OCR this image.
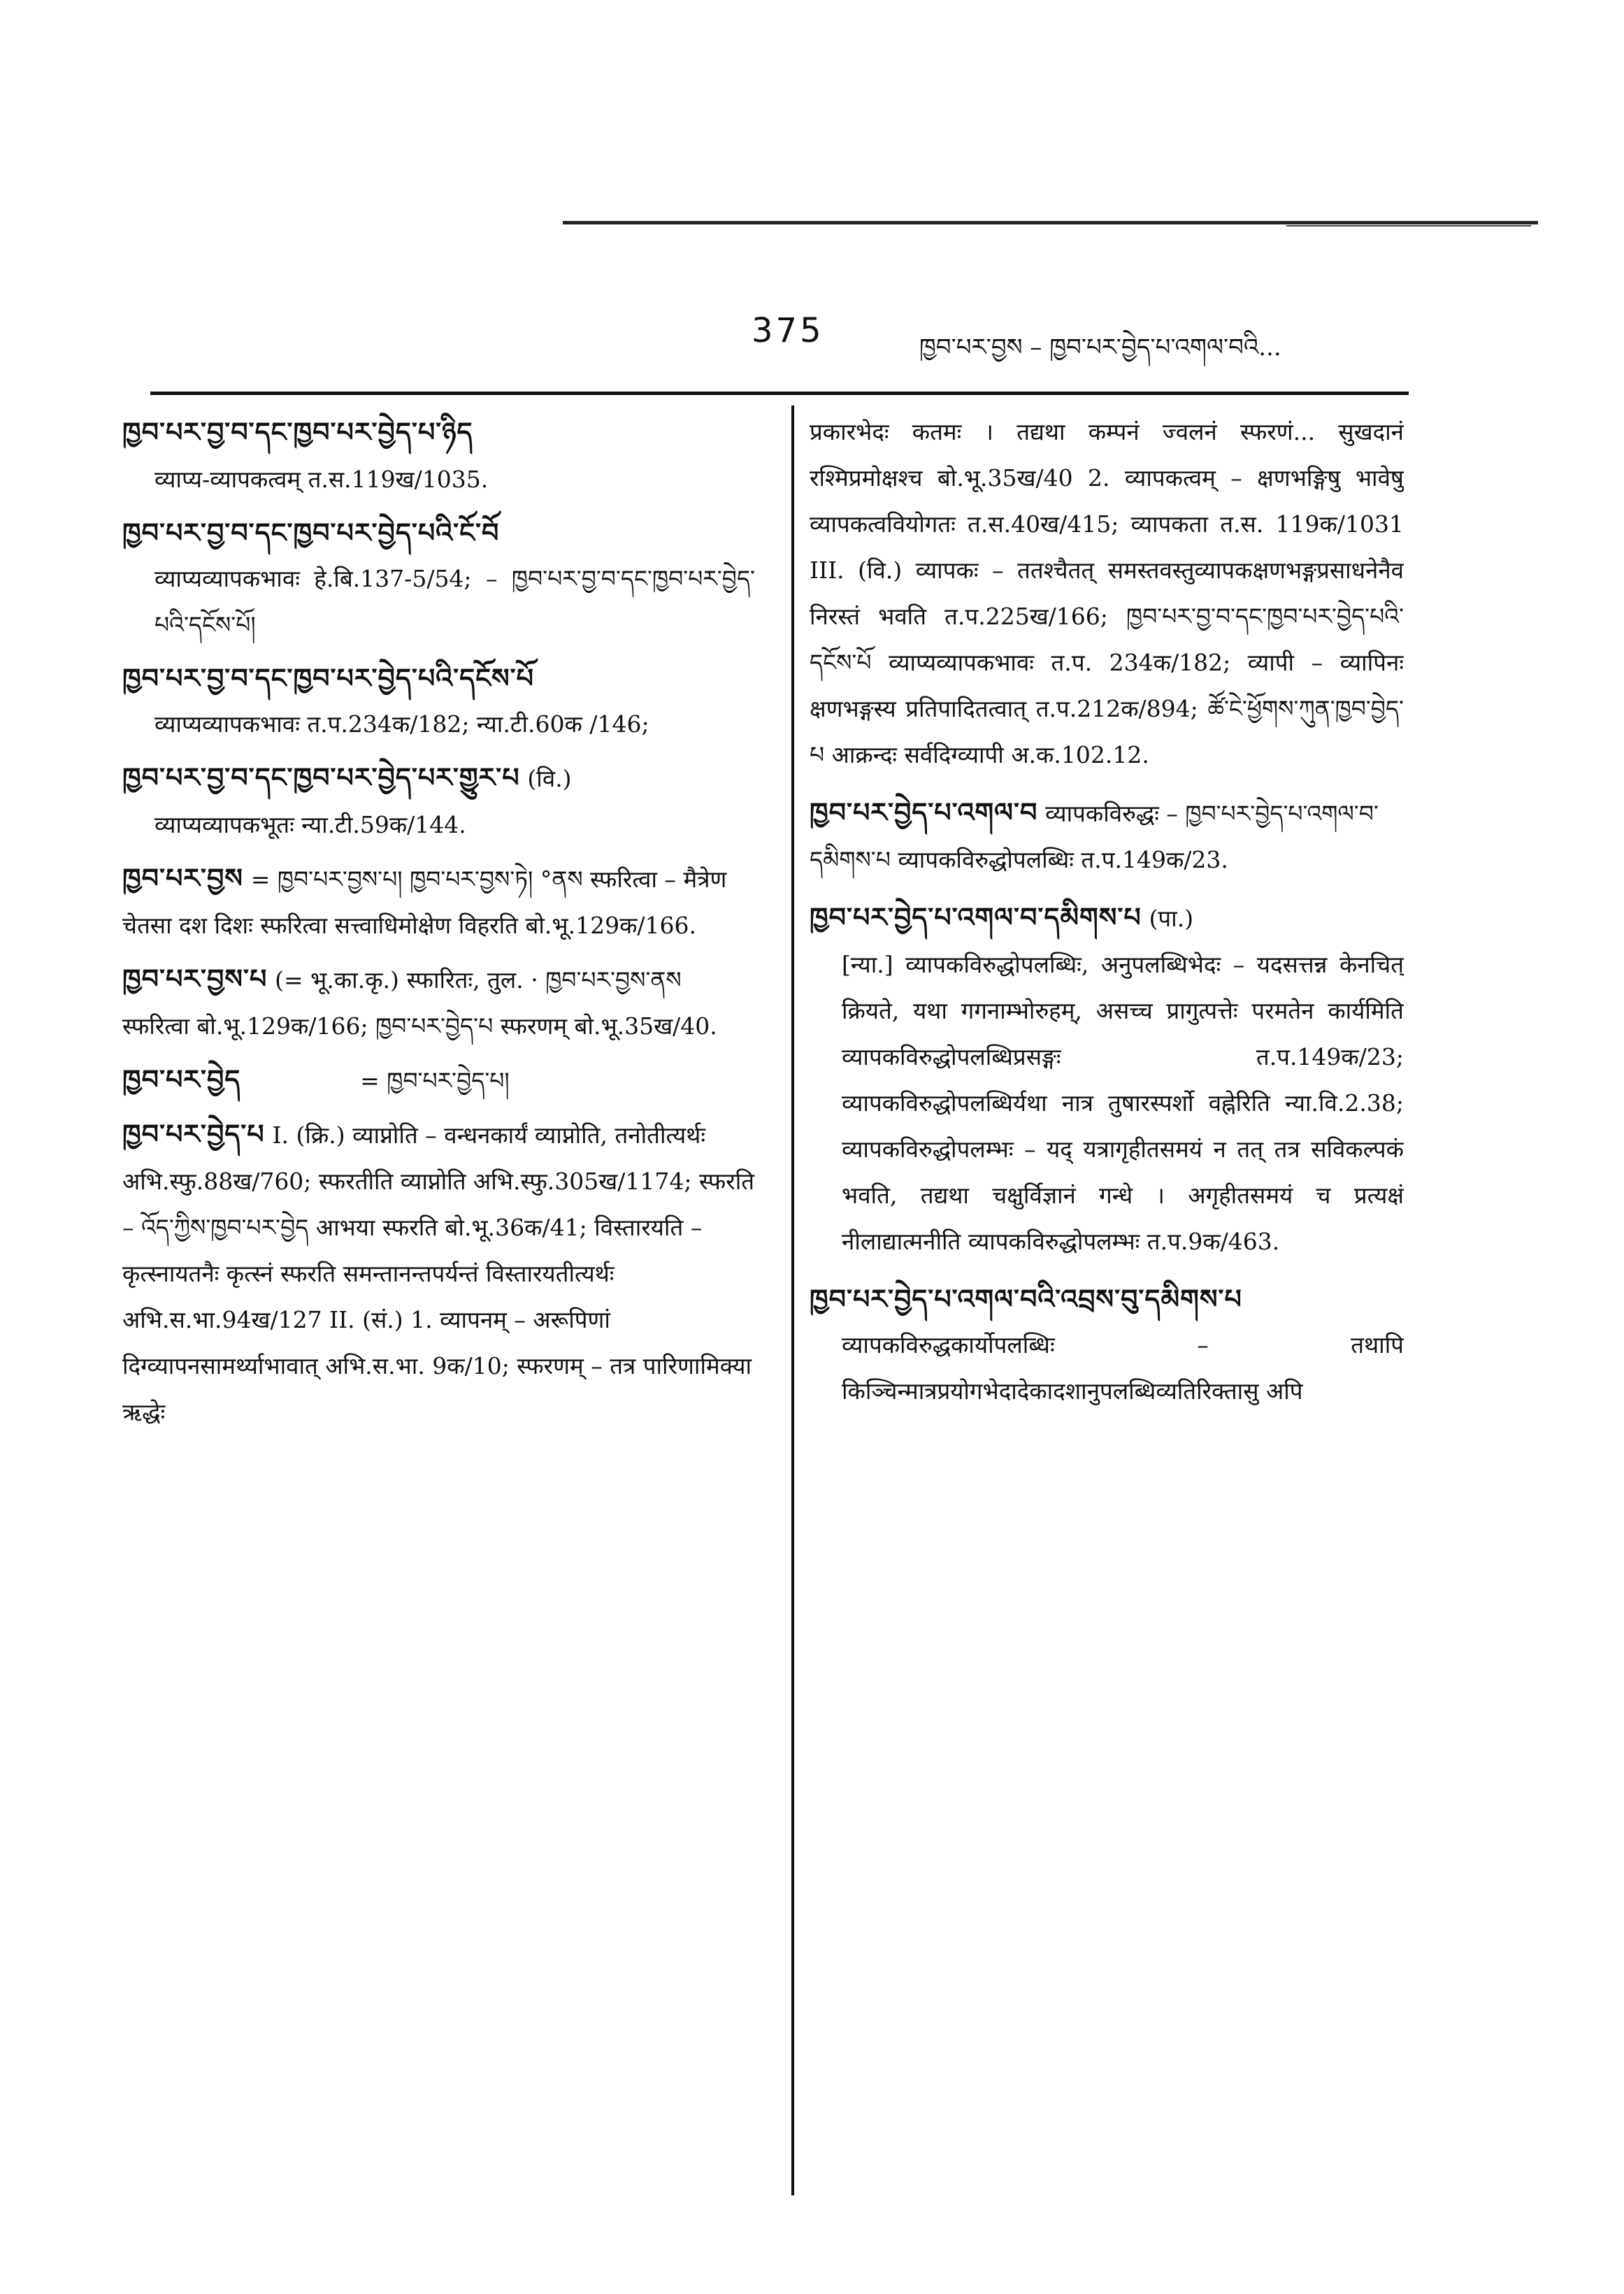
375	ཁྱབ་པར་བྱས – ཁྱབ་པར་བྱེད་པ་འགལ་བའི...
ཁྱབ་པར་བྱ་བ་དང་ཁྱབ་པར་བྱེད་པ་ཉིད
व्याप्य-व्यापकत्वम् त.स.119ख/1035.
ཁྱབ་པར་བྱ་བ་དང་ཁྱབ་པར་བྱེད་པའི་ངོ་བོ
व्याप्यव्यापकभावः हे.बि.137-5/54; – ཁྱབ་པར་བྱ་བ་དང་ཁྱབ་པར་བྱེད་པའི་དངོས་པོ།
ཁྱབ་པར་བྱ་བ་དང་ཁྱབ་པར་བྱེད་པའི་དངོས་པོ
व्याप्यव्यापकभावः त.प.234क/182; न्या.टी.60क /146;
ཁྱབ་པར་བྱ་བ་དང་ཁྱབ་པར་བྱེད་པར་གྱུར་པ (वि.)
व्याप्यव्यापकभूतः न्या.टी.59क/144.
ཁྱབ་པར་བྱས = ཁྱབ་པར་བྱས་པ། ཁྱབ་པར་བྱས་ཏེ། °ནས स्फरित्वा – मैत्रेण चेतसा दश दिशः स्फरित्वा सत्त्वाधिमोक्षेण विहरति बो.भू.129क/166.
ཁྱབ་པར་བྱས་པ (= भू.का.कृ.) स्फारितः, तुल. · ཁྱབ་པར་བྱས་ནས स्फरित्वा बो.भू.129क/166; ཁྱབ་པར་བྱེད་པ स्फरणम् बो.भू.35ख/40.
ཁྱབ་པར་བྱེད	= ཁྱབ་པར་བྱེད་པ།
ཁྱབ་པར་བྱེད་པ I. (क्रि.) व्याप्नोति – वन्धनकार्यं व्याप्नोति, तनोतीत्यर्थः अभि.स्फु.88ख/760; स्फरतीति व्याप्नोति अभि.स्फु.305ख/1174; स्फरति – འོད་ཀྱིས་ཁྱབ་པར་བྱེད आभया स्फरति बो.भू.36क/41; विस्तारयति – कृत्स्नायतनैः कृत्स्नं स्फरति समन्तानन्तपर्यन्तं विस्तारयतीत्यर्थः अभि.स.भा.94ख/127 II. (सं.) 1. व्यापनम् – अरूपिणां दिग्व्यापनसामर्थ्याभावात् अभि.स.भा. 9क/10; स्फरणम् – तत्र पारिणामिक्या ऋद्धेः
प्रकारभेदः कतमः । तद्यथा कम्पनं ज्वलनं स्फरणं... सुखदानं रश्मिप्रमोक्षश्च बो.भू.35ख/40 2. व्यापकत्वम् – क्षणभङ्गिषु भावेषु व्यापकत्ववियोगतः त.स.40ख/415; व्यापकता त.स. 119क/1031 III. (वि.) व्यापकः – ततश्चैतत् समस्तवस्तुव्यापकक्षणभङ्गप्रसाधनेनैव निरस्तं भवति त.प.225ख/166; ཁྱབ་པར་བྱ་བ་དང་ཁྱབ་པར་བྱེད་པའི་དངོས་པོ व्याप्यव्यापकभावः त.प. 234क/182; व्यापी – व्यापिनः क्षणभङ्गस्य प्रतिपादितत्वात् त.प.212क/894; ཚོ་ངེ་ཕྱོགས་ཀུན་ཁྱབ་བྱེད་པ आक्रन्दः सर्वदिग्व्यापी अ.क.102.12.
ཁྱབ་པར་བྱེད་པ་འགལ་བ व्यापकविरुद्धः – ཁྱབ་པར་བྱེད་པ་འགལ་བ་དམིགས་པ व्यापकविरुद्धोपलब्धिः त.प.149क/23.
ཁྱབ་པར་བྱེད་པ་འགལ་བ་དམིགས་པ (पा.)
[न्या.] व्यापकविरुद्धोपलब्धिः, अनुपलब्धिभेदः – यदसत्तन्न केनचित् क्रियते, यथा गगनाम्भोरुहम्, असच्च प्रागुत्पत्तेः परमतेन कार्यमिति व्यापकविरुद्धोपलब्धिप्रसङ्गः त.प.149क/23; व्यापकविरुद्धोपलब्धिर्यथा नात्र तुषारस्पर्शो वह्नेरिति न्या.वि.2.38; व्यापकविरुद्धोपलम्भः – यद् यत्रागृहीतसमयं न तत् तत्र सविकल्पकं भवति, तद्यथा चक्षुर्विज्ञानं गन्धे । अगृहीतसमयं च प्रत्यक्षं नीलाद्यात्मनीति व्यापकविरुद्धोपलम्भः त.प.9क/463.
ཁྱབ་པར་བྱེད་པ་འགལ་བའི་འབྲས་བུ་དམིགས་པ
व्यापकविरुद्धकार्योपलब्धिः – तथापि किञ्चिन्मात्रप्रयोगभेदादेकादशानुपलब्धिव्यतिरिक्तासु अपि
